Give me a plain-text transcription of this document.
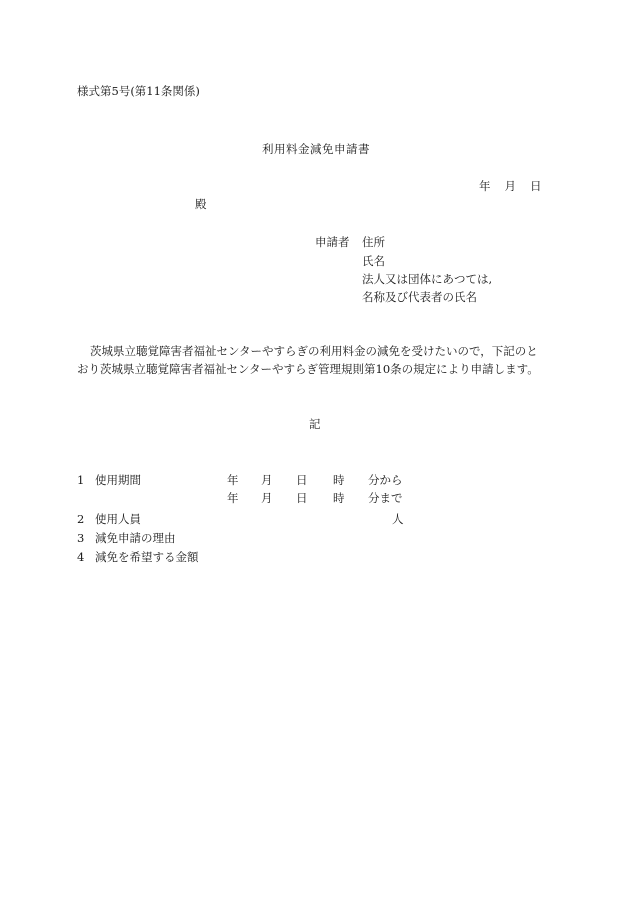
様式第5号(第11条関係)
利用料金減免申請書
年 月 日
殿
申請者 住所
氏名
法人又は団体にあつては,
名称及び代表者の氏名
茨城県立聴覚障害者福祉センターやすらぎの利用料金の減免を受けたいので，下記のと
おり茨城県立聴覚障害者福祉センターやすらぎ管理規則第10条の規定により申請します。
記
1 使用期間	年 月 日 時 分から
年 月 日 時 分まで
2 使用人員	人
3 減免申請の理由
4 減免を希望する金額
